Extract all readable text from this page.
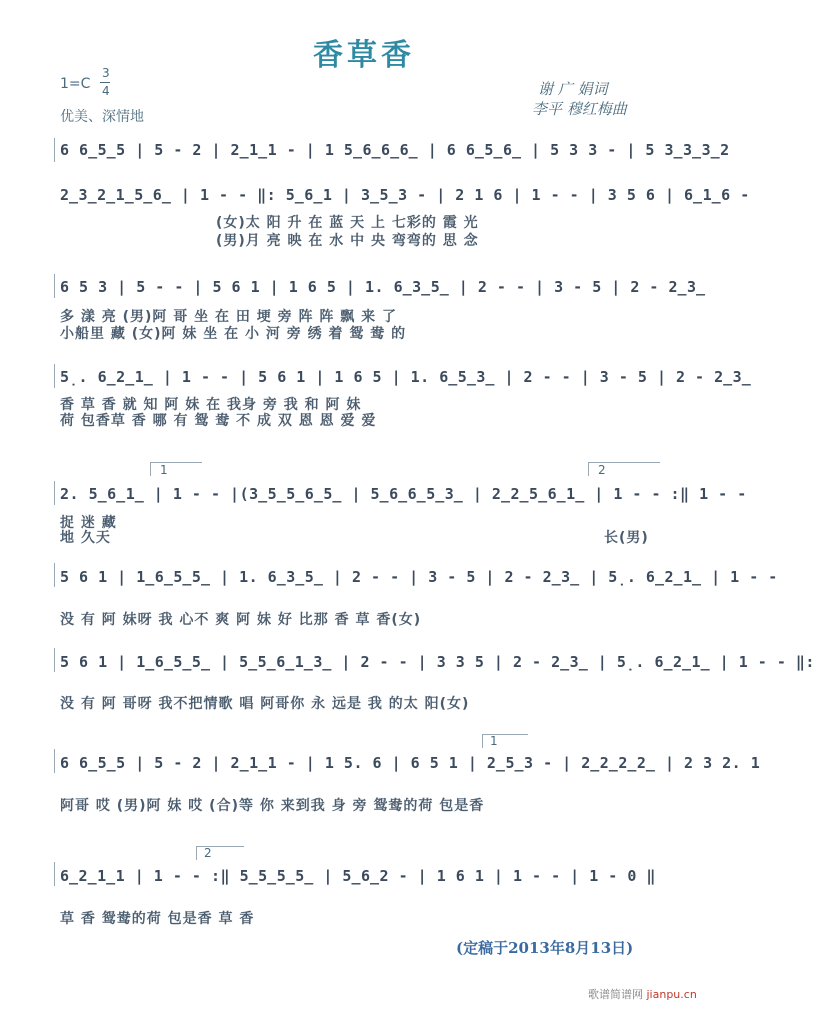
香草香
1=C
3
4
优美、深情地
谢 广 娟词
李平 穆红梅曲
6 6̲5̲5 | 5 - 2 | 2̲1̲1 - | 1 5̲6̲6̲6̲ | 6 6̲5̲6̲ | 5 3 3 - | 5 3̲3̲3̲2
2̲3̲2̲1̲5̲6̲ | 1 - - ‖: 5̲6̲1 | 3̲5̲3 - | 2 1 6 | 1 - - | 3 5 6 | 6̲1̲6 -
(女)太 阳 升 在 蓝 天 上 七彩的 霞 光
(男)月 亮 映 在 水 中 央 弯弯的 思 念
6 5 3 | 5 - - | 5 6 1 | 1 6 5 | 1. 6̲3̲5̲ | 2 - - | 3 - 5 | 2 - 2̲3̲
多 漾 亮 (男)阿 哥 坐 在 田 埂 旁 阵 阵 飘 来 了
小船里 藏 (女)阿 妹 坐 在 小 河 旁 绣 着 鸳 鸯 的
5̣. 6̲2̲1̲ | 1 - - | 5 6 1 | 1 6 5 | 1. 6̲5̲3̲ | 2 - - | 3 - 5 | 2 - 2̲3̲
香 草 香 就 知 阿 妹 在 我身 旁 我 和 阿 妹
荷 包香草 香 哪 有 鸳 鸯 不 成 双 恩 恩 爱 爱
1	2
2. 5̲6̲1̲ | 1 - - |(3̲5̲5̲6̲5̲ | 5̲6̲6̲5̲3̲ | 2̲2̲5̲6̲1̲ | 1 - - :‖ 1 - -
捉 迷 藏
地 久天	长(男)
5 6 1 | 1̲6̲5̲5̲ | 1. 6̲3̲5̲ | 2 - - | 3 - 5 | 2 - 2̲3̲ | 5̣. 6̲2̲1̲ | 1 - -
没 有 阿 妹呀 我 心不 爽 阿 妹 好 比那 香 草 香(女)
5 6 1 | 1̲6̲5̲5̲ | 5̲5̲6̲1̲3̲ | 2 - - | 3 3 5 | 2 - 2̲3̲ | 5̣. 6̲2̲1̲ | 1 - - ‖:
没 有 阿 哥呀 我不把情歌 唱 阿哥你 永 远是 我 的太 阳(女)
1
6 6̲5̲5 | 5 - 2 | 2̲1̲1 - | 1 5. 6 | 6 5 1 | 2̲5̲3 - | 2̲2̲2̲2̲ | 2 3 2. 1
阿哥 哎 (男)阿 妹 哎 (合)等 你 来到我 身 旁 鸳鸯的荷 包是香
2
6̲2̲1̲1 | 1 - - :‖ 5̲5̲5̲5̲ | 5̲6̲2 - | 1 6 1 | 1 - - | 1 - 0 ‖
草 香 鸳鸯的荷 包是香 草 香
(定稿于2013年8月13日)
歌谱简谱网 jianpu.cn
